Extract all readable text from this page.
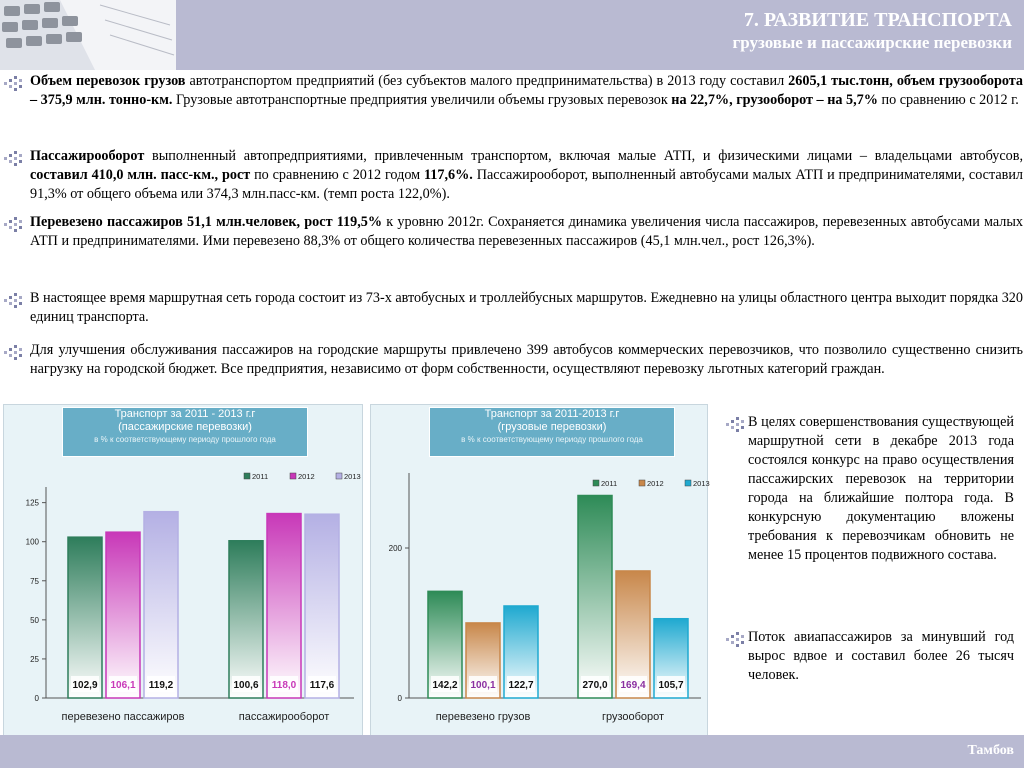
7. РАЗВИТИЕ ТРАНСПОРТА
грузовые и пассажирские перевозки
Объем перевозок грузов автотранспортом предприятий (без субъектов малого предпринимательства) в 2013 году составил 2605,1 тыс.тонн, объем грузооборота – 375,9 млн. тонно-км. Грузовые автотранспортные предприятия увеличили объемы грузовых перевозок на 22,7%, грузооборот – на 5,7% по сравнению с 2012 г.
Пассажирооборот выполненный автопредприятиями, привлеченным транспортом, включая малые АТП, и физическими лицами – владельцами автобусов, составил 410,0 млн. пасс-км., рост по сравнению с 2012 годом 117,6%. Пассажирооборот, выполненный автобусами малых АТП и предпринимателями, составил 91,3% от общего объема или 374,3 млн.пасс-км. (темп роста 122,0%).
Перевезено пассажиров 51,1 млн.человек, рост 119,5% к уровню 2012г. Сохраняется динамика увеличения числа пассажиров, перевезенных автобусами малых АТП и предпринимателями. Ими перевезено 88,3% от общего количества перевезенных пассажиров (45,1 млн.чел., рост 126,3%).
В настоящее время маршрутная сеть города состоит из 73-х автобусных и троллейбусных маршрутов. Ежедневно на улицы областного центра выходит порядка 320 единиц транспорта.
Для улучшения обслуживания пассажиров на городские маршруты привлечено 399 автобусов коммерческих перевозчиков, что позволило существенно снизить нагрузку на городской бюджет. Все предприятия, независимо от форм собственности, осуществляют перевозку льготных категорий граждан.
Транспорт за 2011 - 2013 г.г
(пассажирские перевозки)
в % к соответствующему периоду прошлого года
0
25
50
75
100
125
2011	2012	2013
102,9 106,1 119,2
перевезено пассажиров
100,6 118,0 117,6
пассажирооборот
Транспорт за 2011-2013 г.г
(грузовые перевозки)
в % к соответствующему периоду прошлого года
0
200
2011	2012	2013
142,2 100,1 122,7
перевезено грузов
270,0 169,4 105,7
грузооборот
В целях совершенствования существующей маршрутной сети в декабре 2013 года состоялся конкурс на право осуществления пассажирских перевозок на территории города на ближайшие полтора года. В конкурсную документацию вложены требования к перевозчикам обновить не менее 15 процентов подвижного состава.
Поток авиапассажиров за минувший год вырос вдвое и составил более 26 тысяч человек.
Тамбов
